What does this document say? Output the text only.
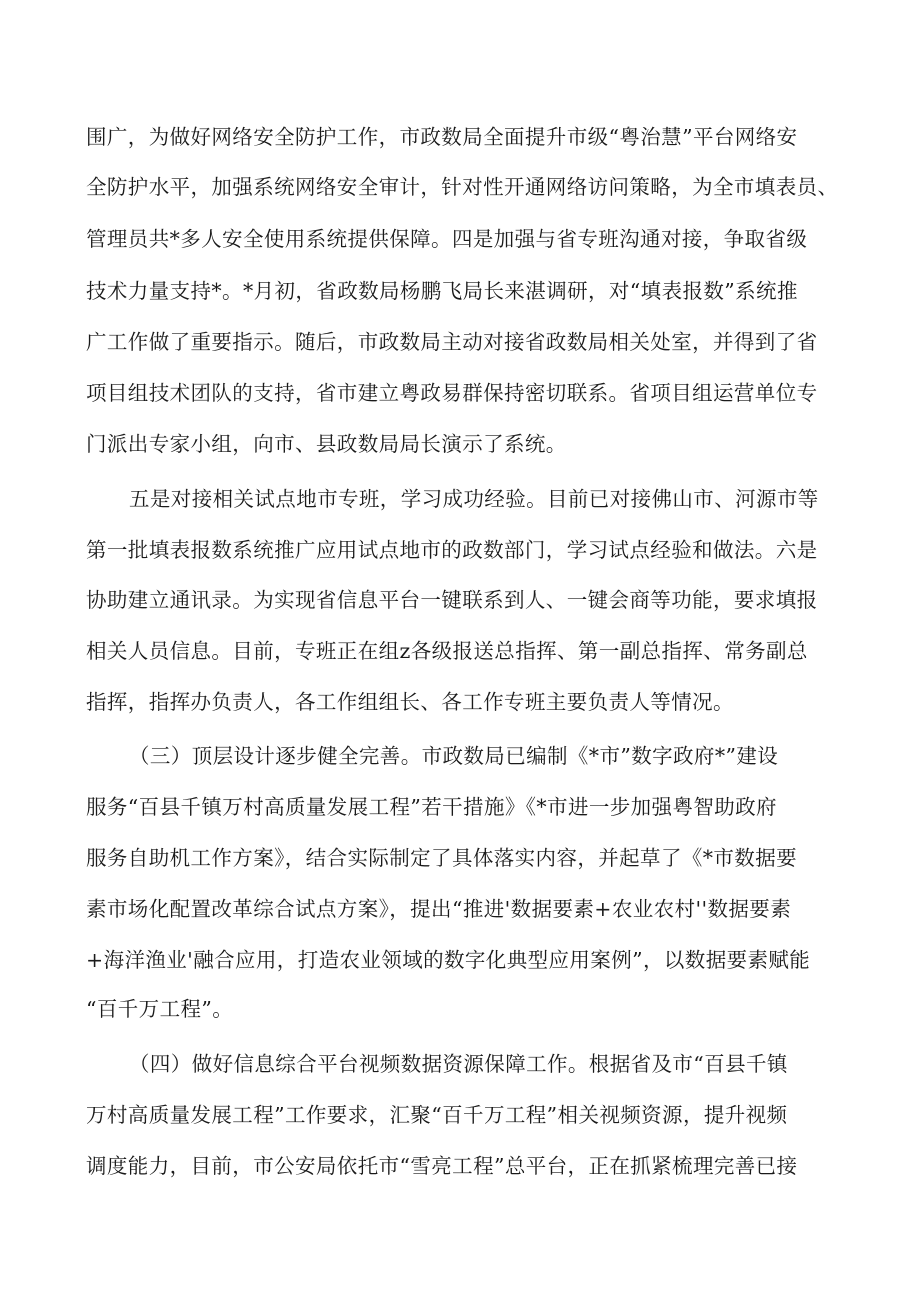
围广，为做好网络安全防护工作，市政数局全面提升市级“粤治慧”平台网络安
全防护水平，加强系统网络安全审计，针对性开通网络访问策略，为全市填表员、
管理员共*多人安全使用系统提供保障。四是加强与省专班沟通对接，争取省级
技术力量支持*。*月初，省政数局杨鹏飞局长来湛调研，对“填表报数”系统推
广工作做了重要指示。随后，市政数局主动对接省政数局相关处室，并得到了省
项目组技术团队的支持，省市建立粤政易群保持密切联系。省项目组运营单位专
门派出专家小组，向市、县政数局局长演示了系统。
五是对接相关试点地市专班，学习成功经验。目前已对接佛山市、河源市等
第一批填表报数系统推广应用试点地市的政数部门，学习试点经验和做法。六是
协助建立通讯录。为实现省信息平台一键联系到人、一键会商等功能，要求填报
相关人员信息。目前，专班正在组z各级报送总指挥、第一副总指挥、常务副总
指挥，指挥办负责人，各工作组组长、各工作专班主要负责人等情况。
（三）顶层设计逐步健全完善。市政数局已编制《*市”数字政府*”建设
服务“百县千镇万村高质量发展工程”若干措施》《*市进一步加强粤智助政府
服务自助机工作方案》，结合实际制定了具体落实内容，并起草了《*市数据要
素市场化配置改革综合试点方案》，提出“推进'数据要素+农业农村''数据要素
+海洋渔业'融合应用，打造农业领域的数字化典型应用案例”，以数据要素赋能
“百千万工程”。
（四）做好信息综合平台视频数据资源保障工作。根据省及市“百县千镇
万村高质量发展工程”工作要求，汇聚“百千万工程”相关视频资源，提升视频
调度能力，目前，市公安局依托市“雪亮工程”总平台，正在抓紧梳理完善已接
